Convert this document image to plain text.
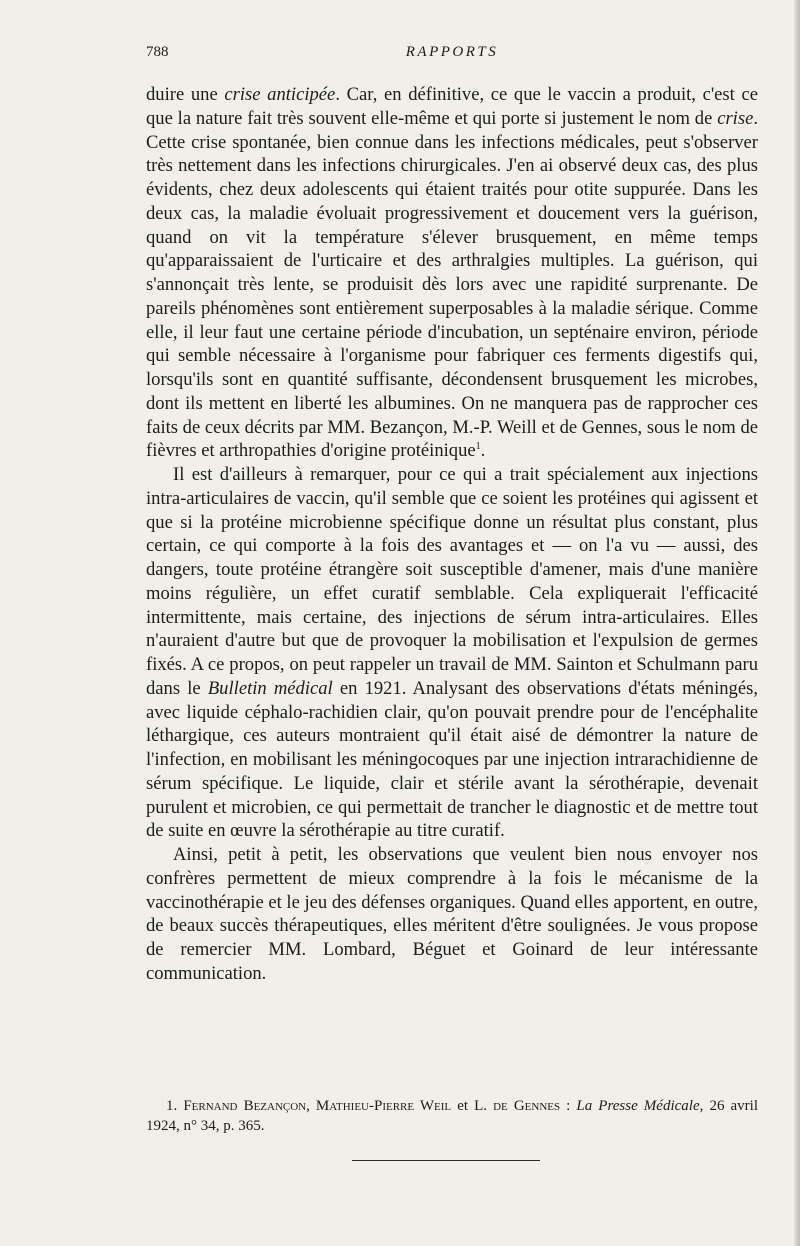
788	RAPPORTS

duire une crise anticipée. Car, en définitive, ce que le vaccin a produit, c'est ce que la nature fait très souvent elle-même et qui porte si justement le nom de crise. Cette crise spontanée, bien connue dans les infections médicales, peut s'observer très nettement dans les infections chirurgicales. J'en ai observé deux cas, des plus évidents, chez deux adolescents qui étaient traités pour otite suppurée. Dans les deux cas, la maladie évoluait progressivement et doucement vers la guérison, quand on vit la température s'élever brusquement, en même temps qu'apparaissaient de l'urticaire et des arthralgies multiples. La guérison, qui s'annonçait très lente, se produisit dès lors avec une rapidité surprenante. De pareils phénomènes sont entièrement superposables à la maladie sérique. Comme elle, il leur faut une certaine période d'incubation, un septénaire environ, période qui semble nécessaire à l'organisme pour fabriquer ces ferments digestifs qui, lorsqu'ils sont en quantité suffisante, décondensent brusquement les microbes, dont ils mettent en liberté les albumines. On ne manquera pas de rapprocher ces faits de ceux décrits par MM. Bezançon, M.-P. Weill et de Gennes, sous le nom de fièvres et arthropathies d'origine protéinique$^1$.

Il est d'ailleurs à remarquer, pour ce qui a trait spécialement aux injections intra-articulaires de vaccin, qu'il semble que ce soient les protéines qui agissent et que si la protéine microbienne spécifique donne un résultat plus constant, plus certain, ce qui comporte à la fois des avantages et — on l'a vu — aussi, des dangers, toute protéine étrangère soit susceptible d'amener, mais d'une manière moins régulière, un effet curatif semblable. Cela expliquerait l'efficacité intermittente, mais certaine, des injections de sérum intra-articulaires. Elles n'auraient d'autre but que de provoquer la mobilisation et l'expulsion de germes fixés. A ce propos, on peut rappeler un travail de MM. Sainton et Schulmann paru dans le Bulletin médical en 1921. Analysant des observations d'états méningés, avec liquide céphalo-rachidien clair, qu'on pouvait prendre pour de l'encéphalite léthargique, ces auteurs montraient qu'il était aisé de démontrer la nature de l'infection, en mobilisant les méningocoques par une injection intrarachidienne de sérum spécifique. Le liquide, clair et stérile avant la sérothérapie, devenait purulent et microbien, ce qui permettait de trancher le diagnostic et de mettre tout de suite en œuvre la sérothérapie au titre curatif.

Ainsi, petit à petit, les observations que veulent bien nous envoyer nos confrères permettent de mieux comprendre à la fois le mécanisme de la vaccinothérapie et le jeu des défenses organiques. Quand elles apportent, en outre, de beaux succès thérapeutiques, elles méritent d'être soulignées. Je vous propose de remercier MM. Lombard, Béguet et Goinard de leur intéressante communication.

1. Fernand Bezançon, Mathieu-Pierre Weil et L. de Gennes : La Presse Médicale, 26 avril 1924, n° 34, p. 365.
